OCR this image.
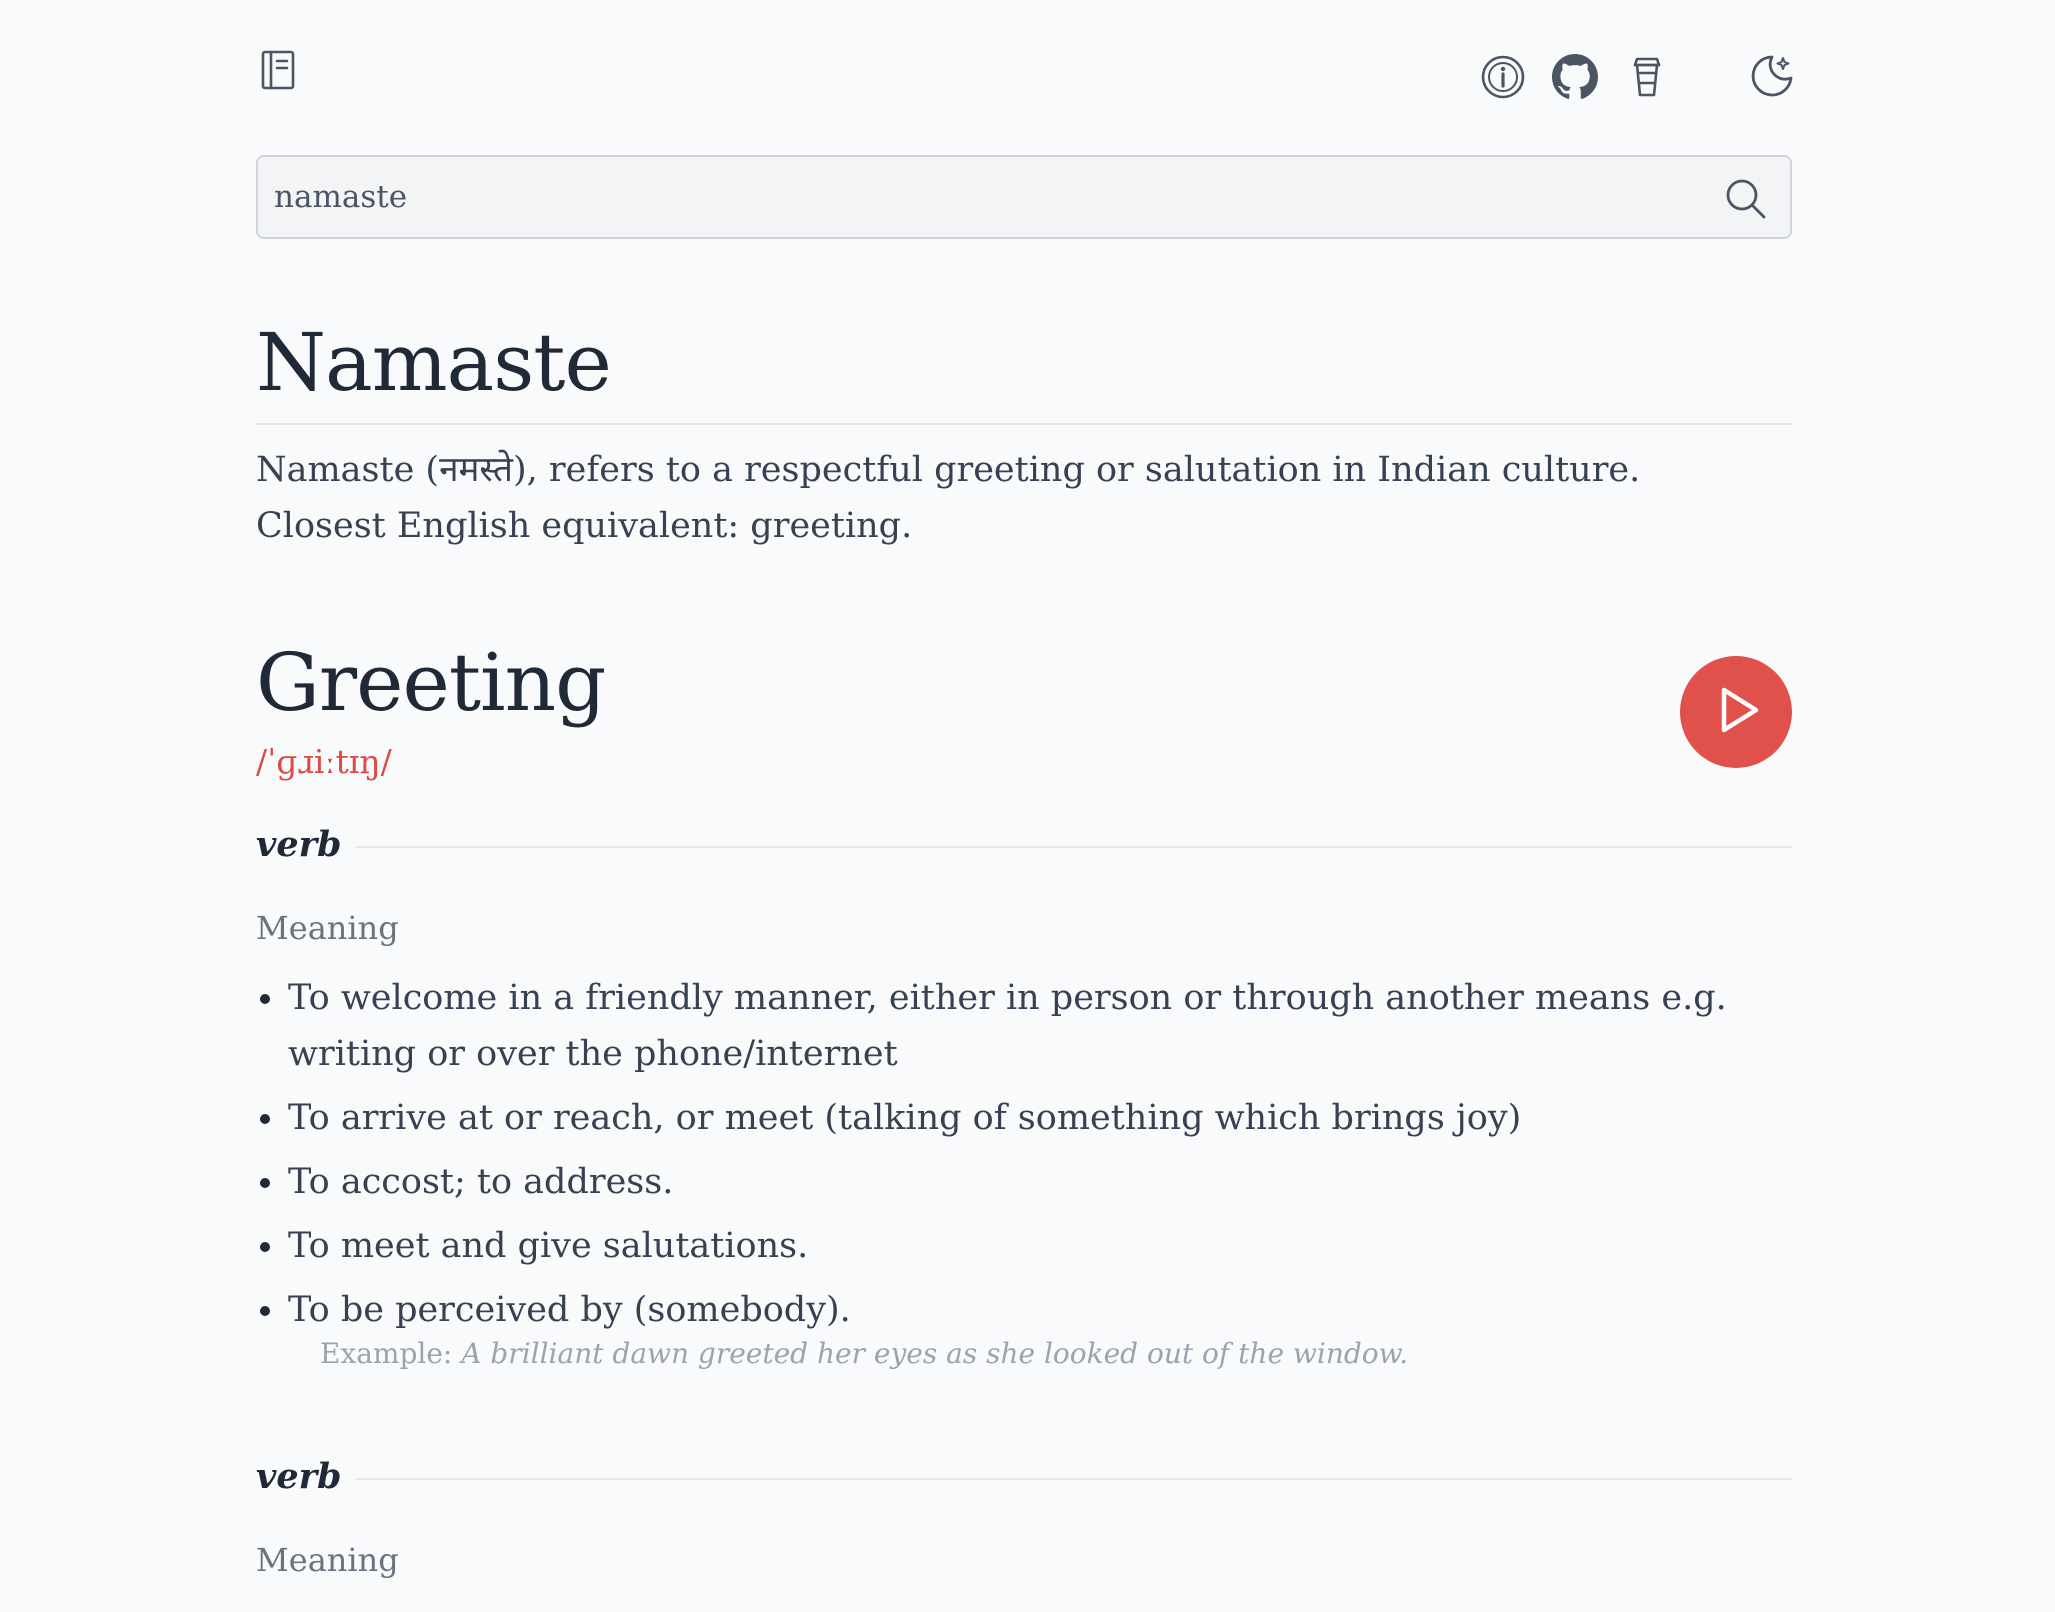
namaste
Namaste

Namaste (नमस्ते), refers to a respectful greeting or salutation in Indian culture. Closest English equivalent: greeting.

Greeting
/ˈɡɹiːtɪŋ/
verb
Meaning
To welcome in a friendly manner, either in person or through another means e.g. writing or over the phone/internet
To arrive at or reach, or meet (talking of something which brings joy)
To accost; to address.
To meet and give salutations.
To be perceived by (somebody).
Example: A brilliant dawn greeted her eyes as she looked out of the window.
verb
Meaning
